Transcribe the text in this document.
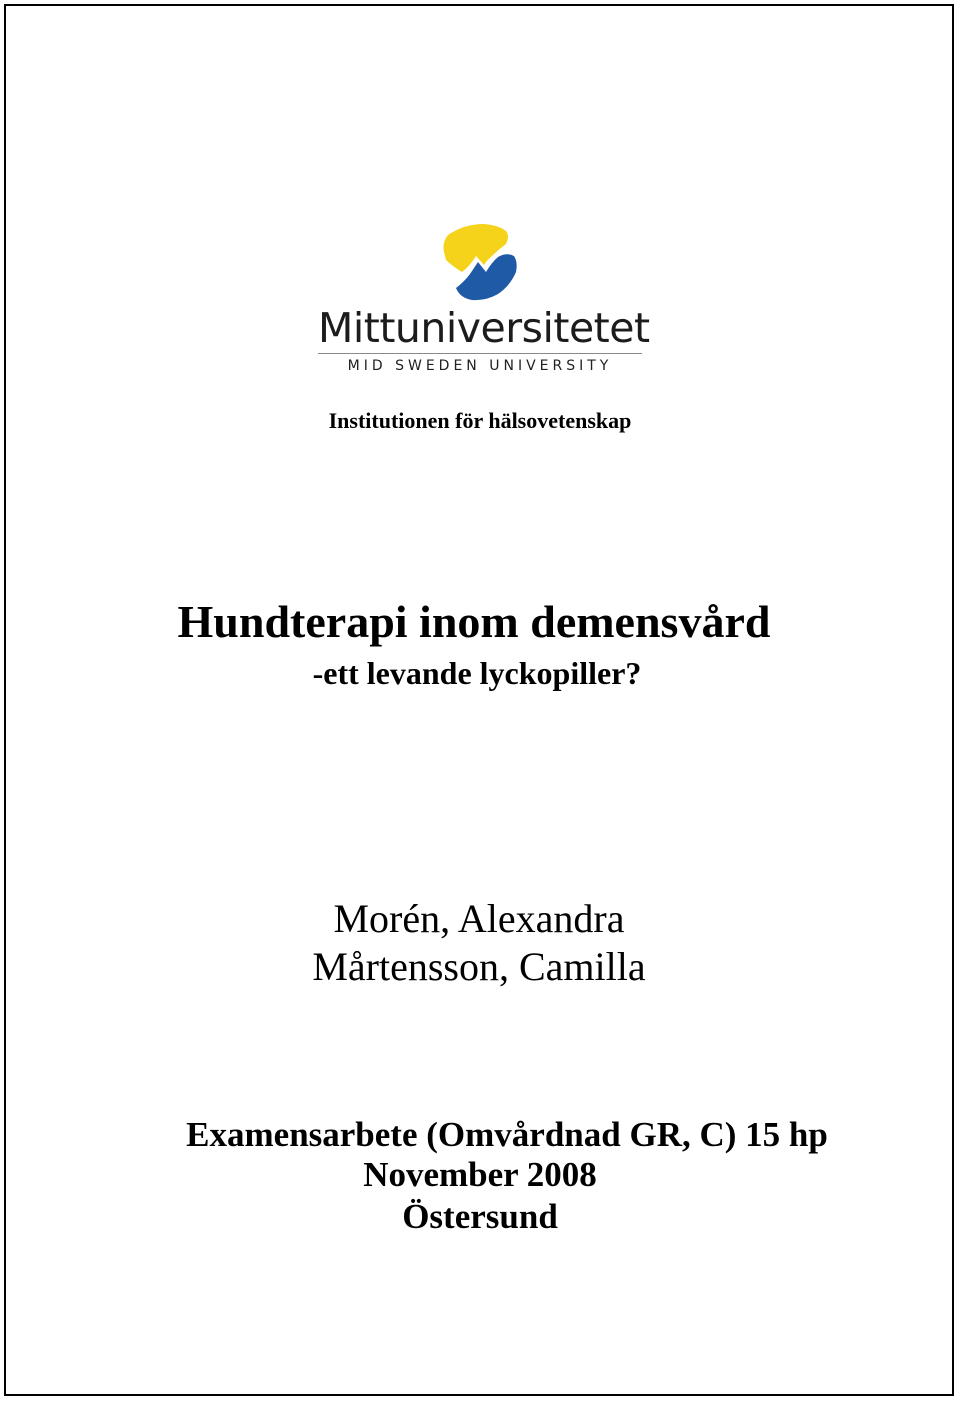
Mittuniversitetet
MID SWEDEN UNIVERSITY
Institutionen för hälsovetenskap
Hundterapi inom demensvård
-ett levande lyckopiller?
Morén, Alexandra
Mårtensson, Camilla
Examensarbete (Omvårdnad GR, C) 15 hp
November 2008
Östersund
